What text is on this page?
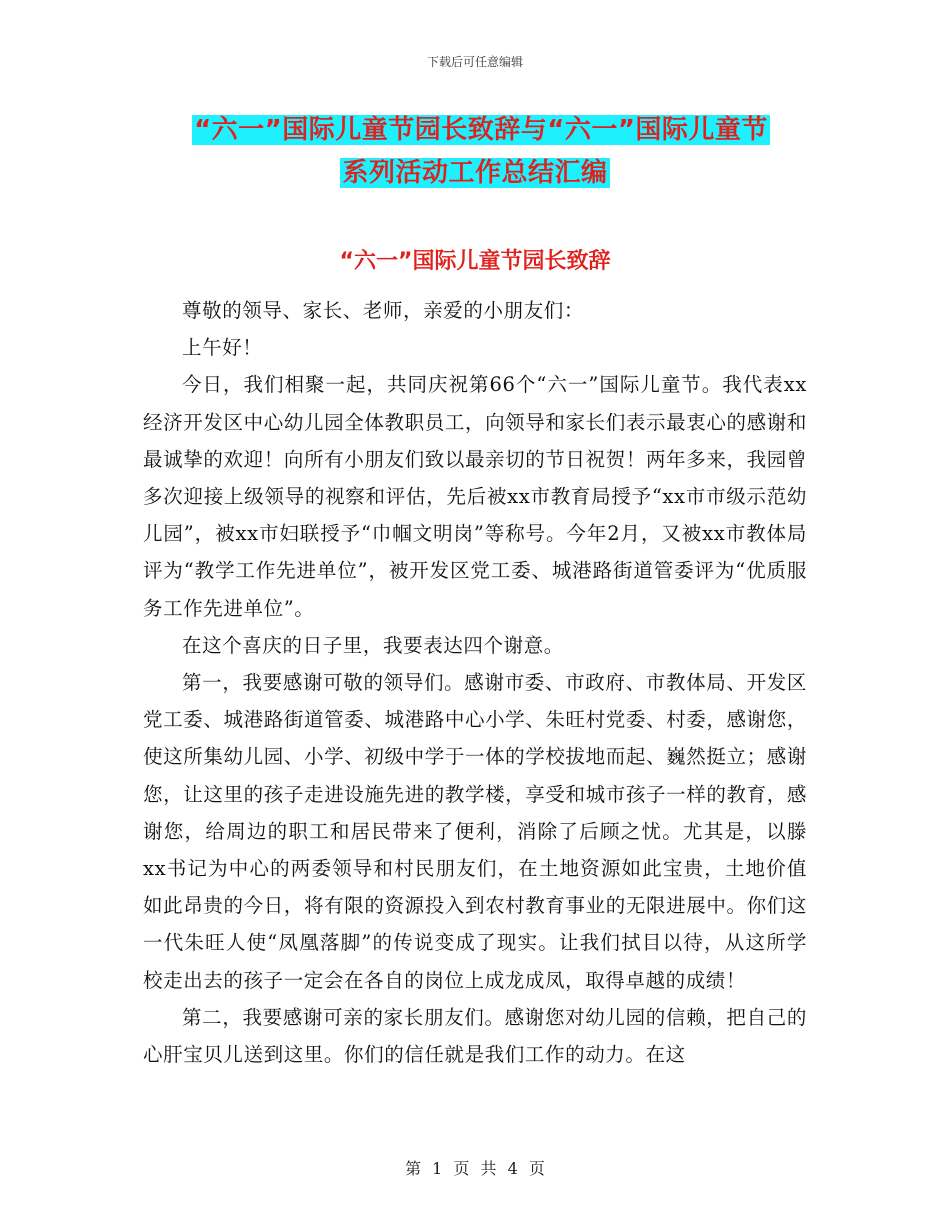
下载后可任意编辑
“六一”国际儿童节园长致辞与“六一”国际儿童节
系列活动工作总结汇编
“六一”国际儿童节园长致辞

尊敬的领导、家长、老师，亲爱的小朋友们：

上午好！

今日，我们相聚一起，共同庆祝第66个“六一”国际儿童节。我代表xx经济开发区中心幼儿园全体教职员工，向领导和家长们表示最衷心的感谢和最诚挚的欢迎！向所有小朋友们致以最亲切的节日祝贺！两年多来，我园曾多次迎接上级领导的视察和评估，先后被xx市教育局授予“xx市市级示范幼儿园”，被xx市妇联授予“巾帼文明岗”等称号。今年2月，又被xx市教体局评为“教学工作先进单位”，被开发区党工委、城港路街道管委评为“优质服务工作先进单位”。

在这个喜庆的日子里，我要表达四个谢意。

第一，我要感谢可敬的领导们。感谢市委、市政府、市教体局、开发区党工委、城港路街道管委、城港路中心小学、朱旺村党委、村委，感谢您，使这所集幼儿园、小学、初级中学于一体的学校拔地而起、巍然挺立；感谢您，让这里的孩子走进设施先进的教学楼，享受和城市孩子一样的教育，感谢您，给周边的职工和居民带来了便利，消除了后顾之忧。尤其是，以滕xx书记为中心的两委领导和村民朋友们，在土地资源如此宝贵，土地价值如此昂贵的今日，将有限的资源投入到农村教育事业的无限进展中。你们这一代朱旺人使“凤凰落脚”的传说变成了现实。让我们拭目以待，从这所学校走出去的孩子一定会在各自的岗位上成龙成凤，取得卓越的成绩！

第二，我要感谢可亲的家长朋友们。感谢您对幼儿园的信赖，把自己的心肝宝贝儿送到这里。你们的信任就是我们工作的动力。在这

第 1 页 共 4 页
